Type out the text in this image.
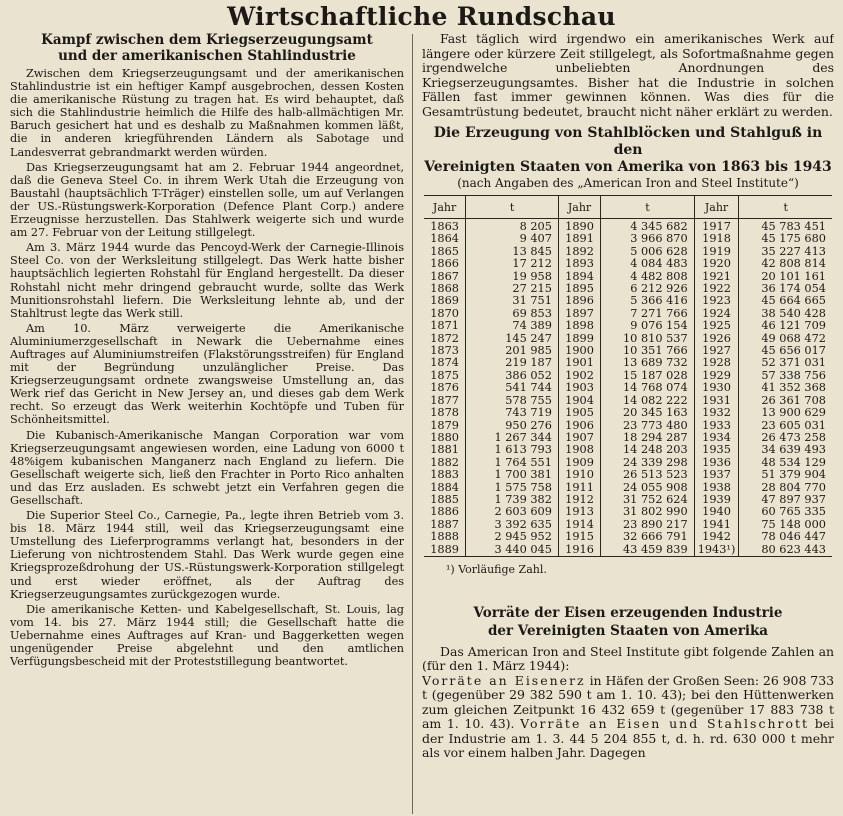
Wirtschaftliche Rundschau
Kampf zwischen dem Kriegserzeugungsamt
und der amerikanischen Stahlindustrie

Zwischen dem Kriegserzeugungsamt und der amerikanischen Stahlindustrie ist ein heftiger Kampf ausgebrochen, dessen Kosten die amerikanische Rüstung zu tragen hat. Es wird behauptet, daß sich die Stahlindustrie heimlich die Hilfe des halb-allmächtigen Mr. Baruch gesichert hat und es deshalb zu Maßnahmen kommen läßt, die in anderen kriegführenden Ländern als Sabotage und Landesverrat gebrandmarkt werden würden.

Das Kriegserzeugungsamt hat am 2. Februar 1944 angeordnet, daß die Geneva Steel Co. in ihrem Werk Utah die Erzeugung von Baustahl (hauptsächlich T-Träger) einstellen solle, um auf Verlangen der US.-Rüstungswerk-Korporation (Defence Plant Corp.) andere Erzeugnisse herzustellen. Das Stahlwerk weigerte sich und wurde am 27. Februar von der Leitung stillgelegt.

Am 3. März 1944 wurde das Pencoyd-Werk der Carnegie-Illinois Steel Co. von der Werksleitung stillgelegt. Das Werk hatte bisher hauptsächlich legierten Rohstahl für England hergestellt. Da dieser Rohstahl nicht mehr dringend gebraucht wurde, sollte das Werk Munitionsrohstahl liefern. Die Werksleitung lehnte ab, und der Stahltrust legte das Werk still.

Am 10. März verweigerte die Amerikanische Aluminiumerzgesellschaft in Newark die Uebernahme eines Auftrages auf Aluminiumstreifen (Flakstörungsstreifen) für England mit der Begründung unzulänglicher Preise. Das Kriegserzeugungsamt ordnete zwangsweise Umstellung an, das Werk rief das Gericht in New Jersey an, und dieses gab dem Werk recht. So erzeugt das Werk weiterhin Kochtöpfe und Tuben für Schönheitsmittel.

Die Kubanisch-Amerikanische Mangan Corporation war vom Kriegserzeugungsamt angewiesen worden, eine Ladung von 6000 t 48%igem kubanischen Manganerz nach England zu liefern. Die Gesellschaft weigerte sich, ließ den Frachter in Porto Rico anhalten und das Erz ausladen. Es schwebt jetzt ein Verfahren gegen die Gesellschaft.

Die Superior Steel Co., Carnegie, Pa., legte ihren Betrieb vom 3. bis 18. März 1944 still, weil das Kriegserzeugungsamt eine Umstellung des Lieferprogramms verlangt hat, besonders in der Lieferung von nichtrostendem Stahl. Das Werk wurde gegen eine Kriegsprozeßdrohung der US.-Rüstungswerk-Korporation stillgelegt und erst wieder eröffnet, als der Auftrag des Kriegserzeugungsamtes zurückgezogen wurde.

Die amerikanische Ketten- und Kabelgesellschaft, St. Louis, lag vom 14. bis 27. März 1944 still; die Gesellschaft hatte die Uebernahme eines Auftrages auf Kran- und Baggerketten wegen ungenügender Preise abgelehnt und den amtlichen Verfügungsbescheid mit der Proteststillegung beantwortet.

Fast täglich wird irgendwo ein amerikanisches Werk auf längere oder kürzere Zeit stillgelegt, als Sofortmaßnahme gegen irgendwelche unbeliebten Anordnungen des Kriegserzeugungsamtes. Bisher hat die Industrie in solchen Fällen fast immer gewinnen können. Was dies für die Gesamtrüstung bedeutet, braucht nicht näher erklärt zu werden.

Die Erzeugung von Stahlblöcken und Stahlguß in den
Vereinigten Staaten von Amerika von 1863 bis 1943
(nach Angaben des „American Iron and Steel Institute“)
Jahr	t	Jahr	t	Jahr	t
1863	8 205	1890	4 345 682	1917	45 783 451
1864	9 407	1891	3 966 870	1918	45 175 680
1865	13 845	1892	5 006 628	1919	35 227 413
1866	17 212	1893	4 084 483	1920	42 808 814
1867	19 958	1894	4 482 808	1921	20 101 161
1868	27 215	1895	6 212 926	1922	36 174 054
1869	31 751	1896	5 366 416	1923	45 664 665
1870	69 853	1897	7 271 766	1924	38 540 428
1871	74 389	1898	9 076 154	1925	46 121 709
1872	145 247	1899	10 810 537	1926	49 068 472
1873	201 985	1900	10 351 766	1927	45 656 017
1874	219 187	1901	13 689 732	1928	52 371 031
1875	386 052	1902	15 187 028	1929	57 338 756
1876	541 744	1903	14 768 074	1930	41 352 368
1877	578 755	1904	14 082 222	1931	26 361 708
1878	743 719	1905	20 345 163	1932	13 900 629
1879	950 276	1906	23 773 480	1933	23 605 031
1880	1 267 344	1907	18 294 287	1934	26 473 258
1881	1 613 793	1908	14 248 203	1935	34 639 493
1882	1 764 551	1909	24 339 298	1936	48 534 129
1883	1 700 381	1910	26 513 523	1937	51 379 904
1884	1 575 758	1911	24 055 908	1938	28 804 770
1885	1 739 382	1912	31 752 624	1939	47 897 937
1886	2 603 609	1913	31 802 990	1940	60 765 335
1887	3 392 635	1914	23 890 217	1941	75 148 000
1888	2 945 952	1915	32 666 791	1942	78 046 447
1889	3 440 045	1916	43 459 839	1943¹)	80 623 443
¹) Vorläufige Zahl.
Vorräte der Eisen erzeugenden Industrie
der Vereinigten Staaten von Amerika

Das American Iron and Steel Institute gibt folgende Zahlen an (für den 1. März 1944):
Vorräte an Eisenerz in Häfen der Großen Seen: 26 908 733 t (gegenüber 29 382 590 t am 1. 10. 43); bei den Hüttenwerken zum gleichen Zeitpunkt 16 432 659 t (gegenüber 17 883 738 t am 1. 10. 43). Vorräte an Eisen und Stahlschrott bei der Industrie am 1. 3. 44 5 204 855 t, d. h. rd. 630 000 t mehr als vor einem halben Jahr. Dagegen
